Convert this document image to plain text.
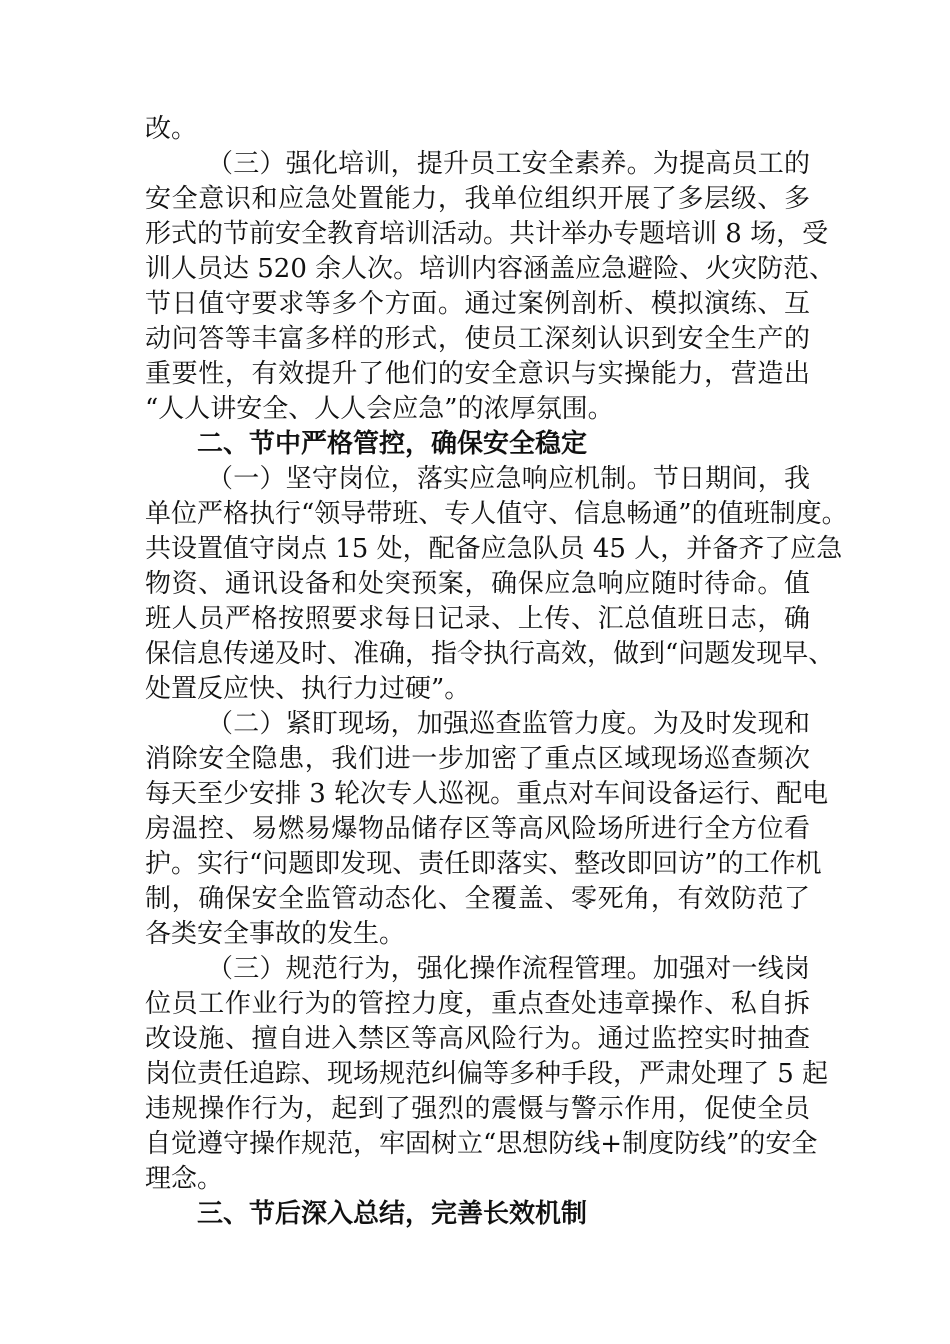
改。
（三）强化培训，提升员工安全素养。为提高员工的
安全意识和应急处置能力，我单位组织开展了多层级、多
形式的节前安全教育培训活动。共计举办专题培训 8 场，受
训人员达 520 余人次。培训内容涵盖应急避险、火灾防范、
节日值守要求等多个方面。通过案例剖析、模拟演练、互
动问答等丰富多样的形式，使员工深刻认识到安全生产的
重要性，有效提升了他们的安全意识与实操能力，营造出
“人人讲安全、人人会应急”的浓厚氛围。
二、节中严格管控，确保安全稳定
（一）坚守岗位，落实应急响应机制。节日期间，我
单位严格执行“领导带班、专人值守、信息畅通”的值班制度。
共设置值守岗点 15 处，配备应急队员 45 人，并备齐了应急
物资、通讯设备和处突预案，确保应急响应随时待命。值
班人员严格按照要求每日记录、上传、汇总值班日志，确
保信息传递及时、准确，指令执行高效，做到“问题发现早、
处置反应快、执行力过硬”。
（二）紧盯现场，加强巡查监管力度。为及时发现和
消除安全隐患，我们进一步加密了重点区域现场巡查频次
每天至少安排 3 轮次专人巡视。重点对车间设备运行、配电
房温控、易燃易爆物品储存区等高风险场所进行全方位看
护。实行“问题即发现、责任即落实、整改即回访”的工作机
制，确保安全监管动态化、全覆盖、零死角，有效防范了
各类安全事故的发生。
（三）规范行为，强化操作流程管理。加强对一线岗
位员工作业行为的管控力度，重点查处违章操作、私自拆
改设施、擅自进入禁区等高风险行为。通过监控实时抽查
岗位责任追踪、现场规范纠偏等多种手段，严肃处理了 5 起
违规操作行为，起到了强烈的震慑与警示作用，促使全员
自觉遵守操作规范，牢固树立“思想防线+制度防线”的安全
理念。
三、节后深入总结，完善长效机制
